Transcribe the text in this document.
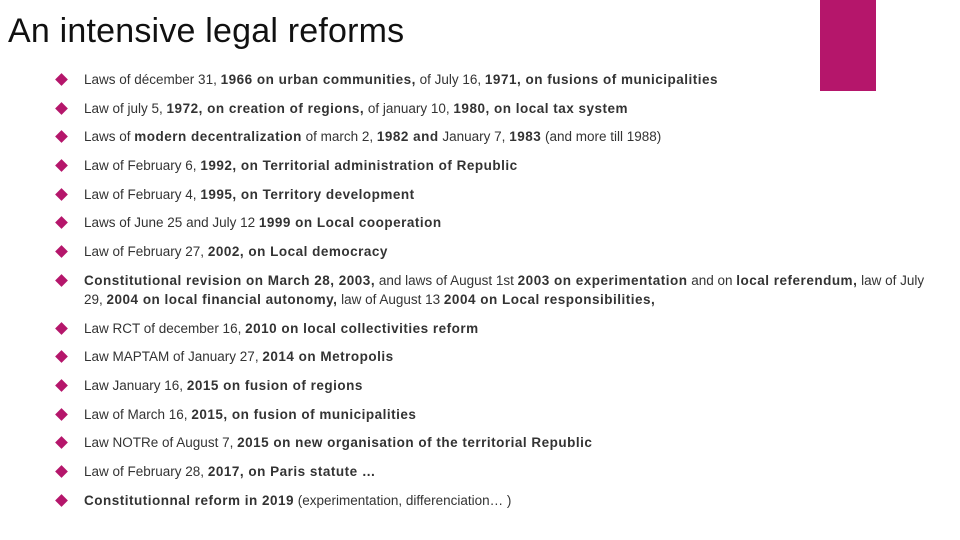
An intensive legal reforms
Laws of décember 31, 1966 on urban communities, of July 16, 1971, on fusions of municipalities
Law of july 5, 1972, on creation of regions, of january 10, 1980, on local tax system
Laws of modern decentralization of march 2, 1982 and January 7, 1983 (and more till 1988)
Law of February 6, 1992, on Territorial administration of Republic
Law of February 4, 1995, on Territory development
Laws of June 25 and July 12 1999 on Local cooperation
Law of February 27, 2002, on Local democracy
Constitutional revision on March 28, 2003, and laws of August 1st 2003 on experimentation and on local referendum, law of July 29, 2004 on local financial autonomy, law of August 13 2004 on Local responsibilities,
Law RCT of december 16, 2010 on local collectivities reform
Law MAPTAM of January 27, 2014 on Metropolis
Law January 16, 2015 on fusion of regions
Law of March 16, 2015, on fusion of municipalities
Law NOTRe of August 7, 2015 on new organisation of the territorial Republic
Law of February 28, 2017, on Paris statute …
Constitutionnal reform in 2019 (experimentation, differenciation… )
